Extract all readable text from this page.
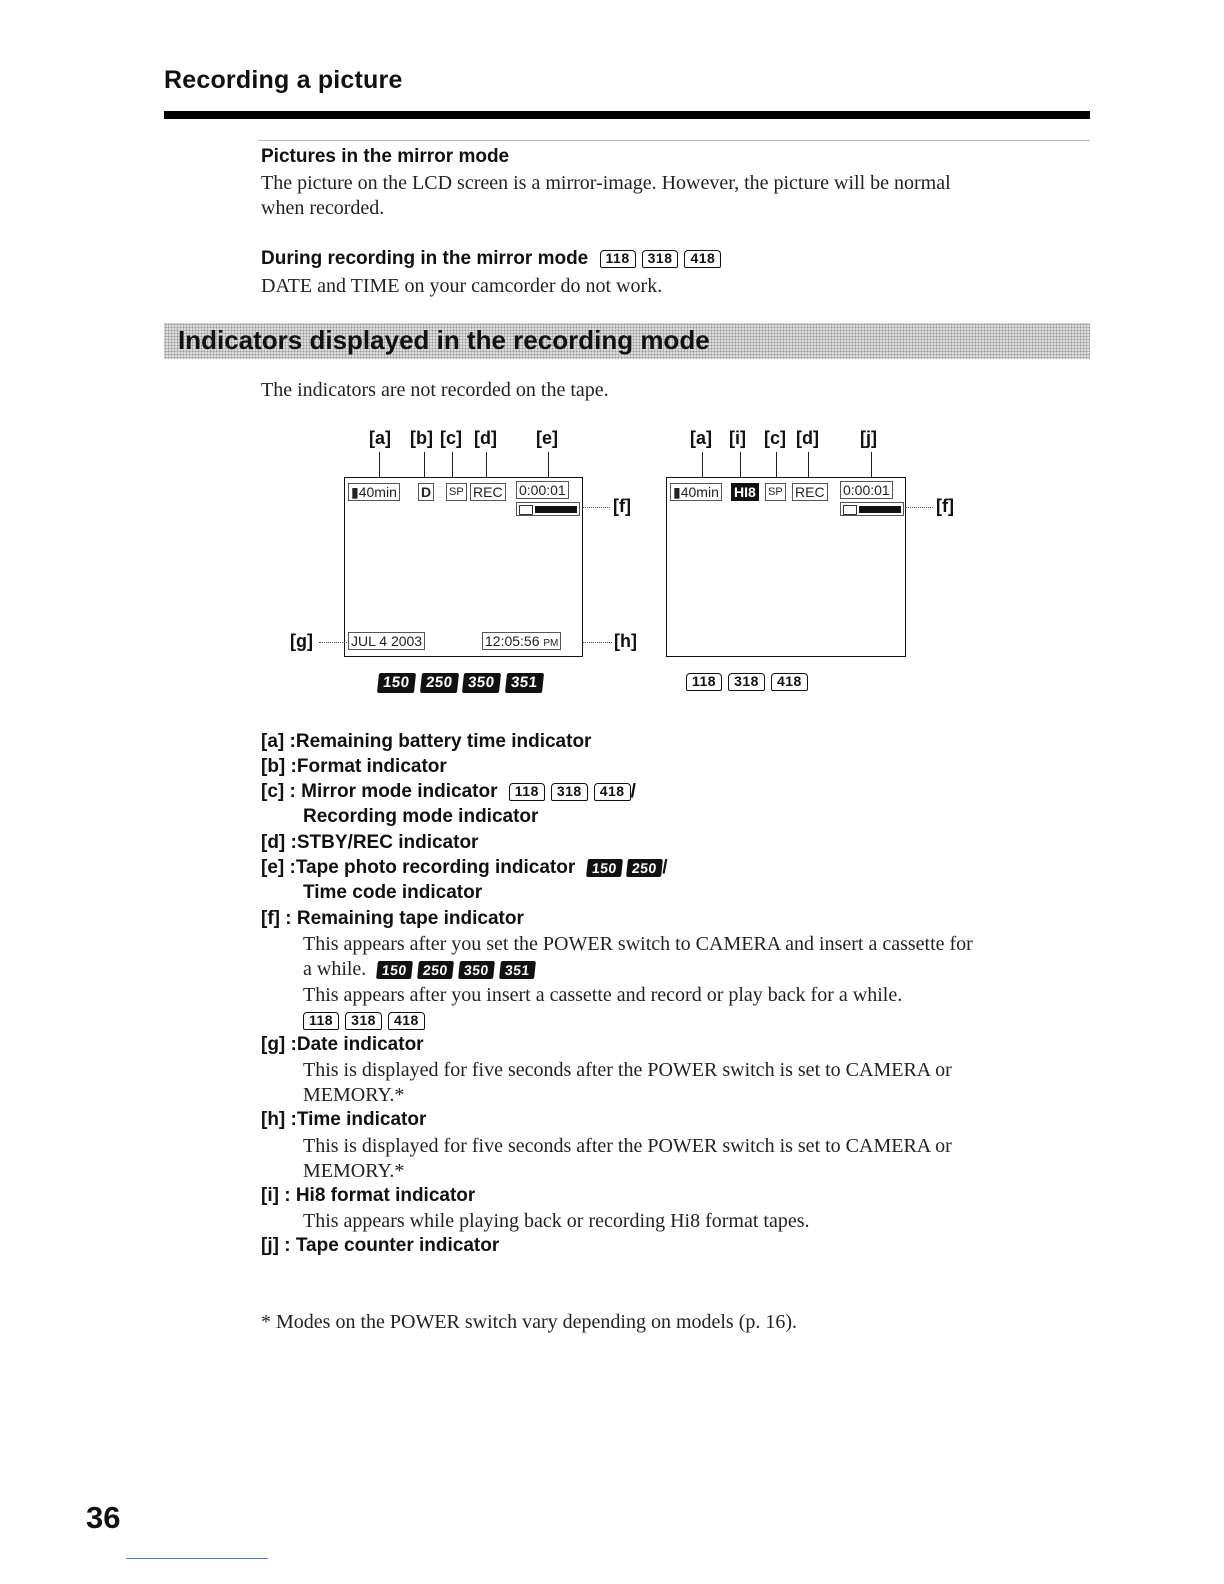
Recording a picture
Pictures in the mirror mode
The picture on the LCD screen is a mirror-image. However, the picture will be normal
when recorded.
During recording in the mirror mode	118	318	418
DATE and TIME on your camcorder do not work.
Indicators displayed in the recording mode
The indicators are not recorded on the tape.
[a] [b] [c] [d] [e]
▮40min D SP REC 0:00:01
[f]
JUL 4 2003	12:05:56 PM
[g]	[h]
150 250 350 351
[a] [i] [c] [d] [j]
▮40min HI8 SP REC 0:00:01
[f]
118	318	418
[a] :Remaining battery time indicator
[b] :Format indicator
[c] : Mirror mode indicator	118	318	418 /
Recording mode indicator
[d] :STBY/REC indicator
[e] :Tape photo recording indicator	150	250 /
Time code indicator
[f] : Remaining tape indicator
This appears after you set the POWER switch to CAMERA and insert a cassette for
a while.	150	250	350	351
This appears after you insert a cassette and record or play back for a while.
118	318	418
[g] :Date indicator
This is displayed for five seconds after the POWER switch is set to CAMERA or
MEMORY.*
[h] :Time indicator
This is displayed for five seconds after the POWER switch is set to CAMERA or
MEMORY.*
[i] : Hi8 format indicator
This appears while playing back or recording Hi8 format tapes.
[j] : Tape counter indicator
* Modes on the POWER switch vary depending on models (p. 16).
36
